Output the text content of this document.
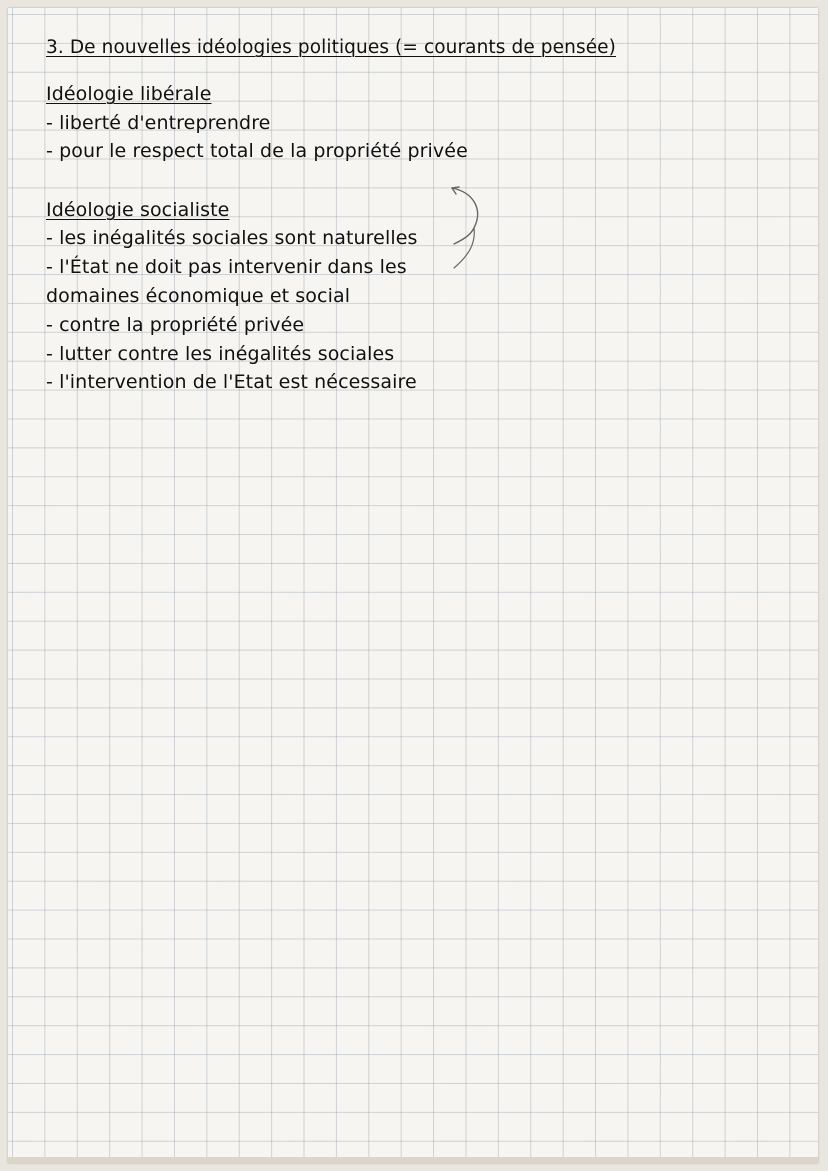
3. De nouvelles idéologies politiques (= courants de pensée)
Idéologie libérale
- liberté d'entreprendre
- pour le respect total de la propriété privée
Idéologie socialiste
- les inégalités sociales sont naturelles
- l'État ne doit pas intervenir dans les
domaines économique et social
- contre la propriété privée
- lutter contre les inégalités sociales
- l'intervention de l'Etat est nécessaire
